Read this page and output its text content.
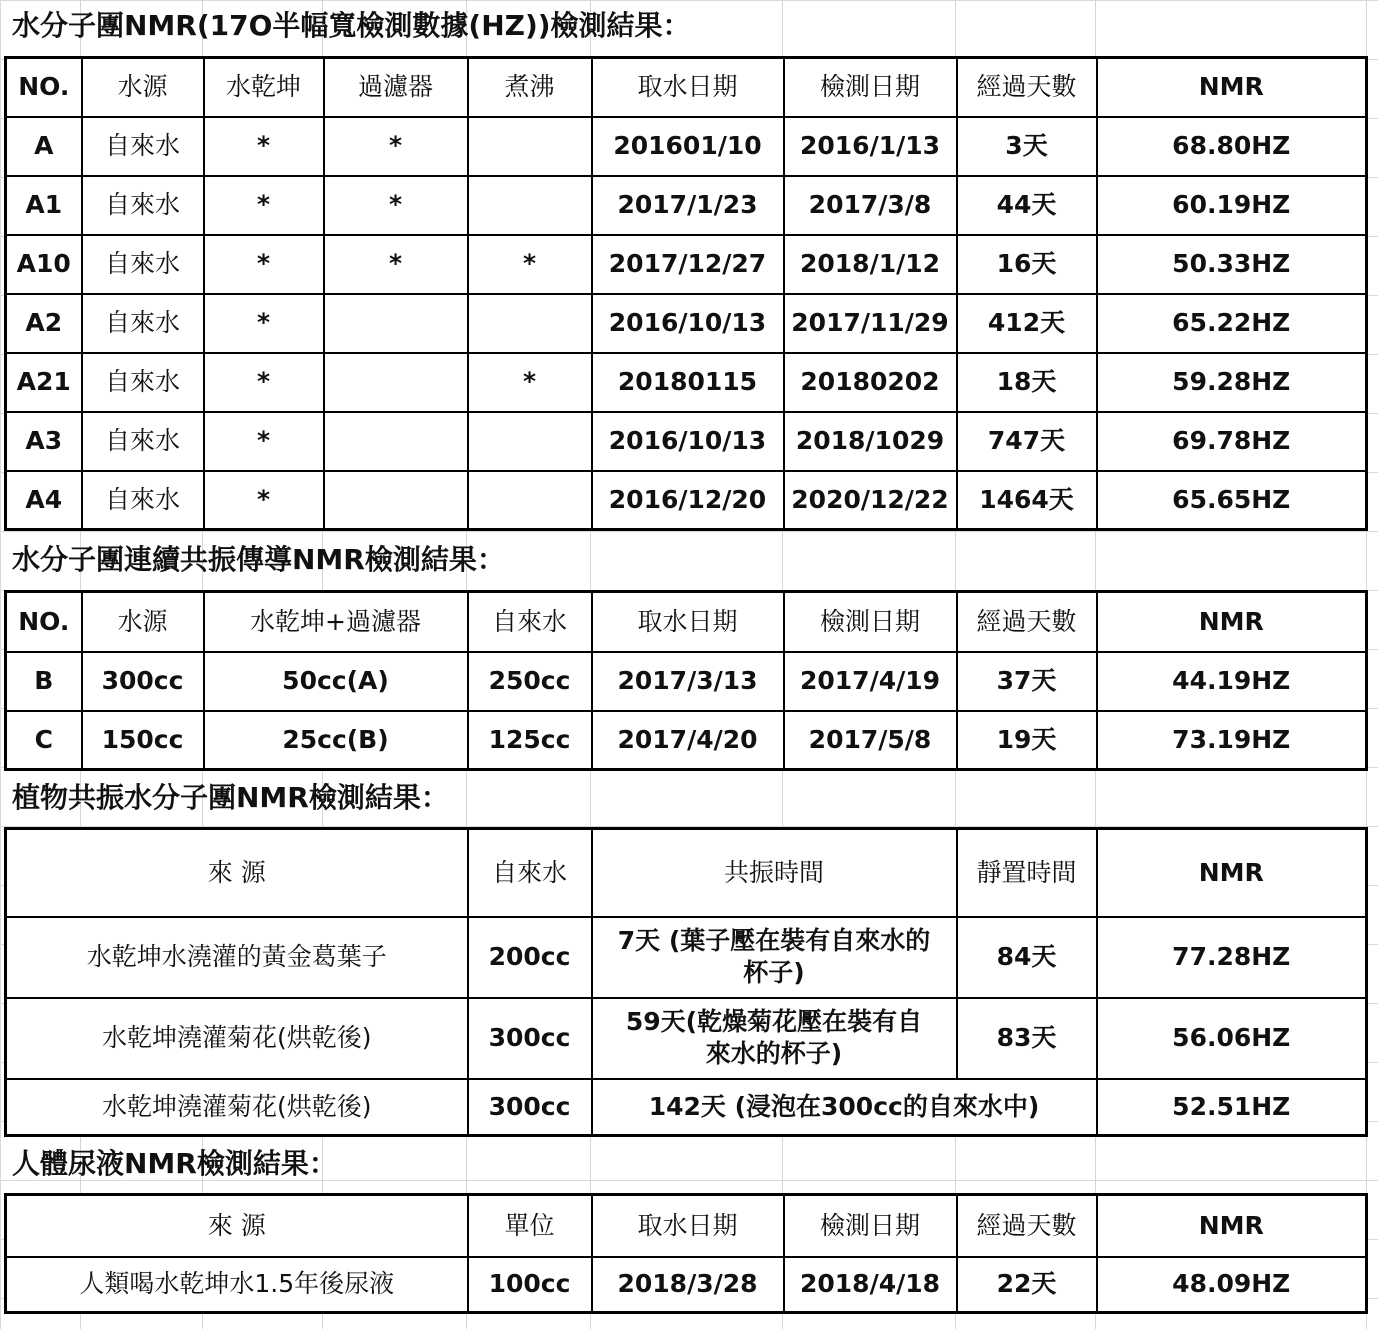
水分子團NMR(17O半幅寬檢測數據(HZ))檢測結果：
NO.	水源	水乾坤	過濾器	煮沸	取水日期	檢測日期	經過天數	NMR
A	自來水	*	*		201601/10	2016/1/13	3天	68.80HZ
A1	自來水	*	*		2017/1/23	2017/3/8	44天	60.19HZ
A10	自來水	*	*	*	2017/12/27	2018/1/12	16天	50.33HZ
A2	自來水	*			2016/10/13	2017/11/29	412天	65.22HZ
A21	自來水	*		*	20180115	20180202	18天	59.28HZ
A3	自來水	*			2016/10/13	2018/1029	747天	69.78HZ
A4	自來水	*			2016/12/20	2020/12/22	1464天	65.65HZ
水分子團連續共振傳導NMR檢測結果：
NO.	水源	水乾坤+過濾器	自來水	取水日期	檢測日期	經過天數	NMR
B	300cc	50cc(A)	250cc	2017/3/13	2017/4/19	37天	44.19HZ
C	150cc	25cc(B)	125cc	2017/4/20	2017/5/8	19天	73.19HZ
植物共振水分子團NMR檢測結果：
來 源	自來水	共振時間	靜置時間	NMR
水乾坤水澆灌的黃金葛葉子	200cc	7天 (葉子壓在裝有自來水的杯子)	84天	77.28HZ
水乾坤澆灌菊花(烘乾後)	300cc	59天(乾燥菊花壓在裝有自來水的杯子)	83天	56.06HZ
水乾坤澆灌菊花(烘乾後)	300cc	142天 (浸泡在300cc的自來水中)		52.51HZ
人體尿液NMR檢測結果：
來 源	單位	取水日期	檢測日期	經過天數	NMR
人類喝水乾坤水1.5年後尿液	100cc	2018/3/28	2018/4/18	22天	48.09HZ
